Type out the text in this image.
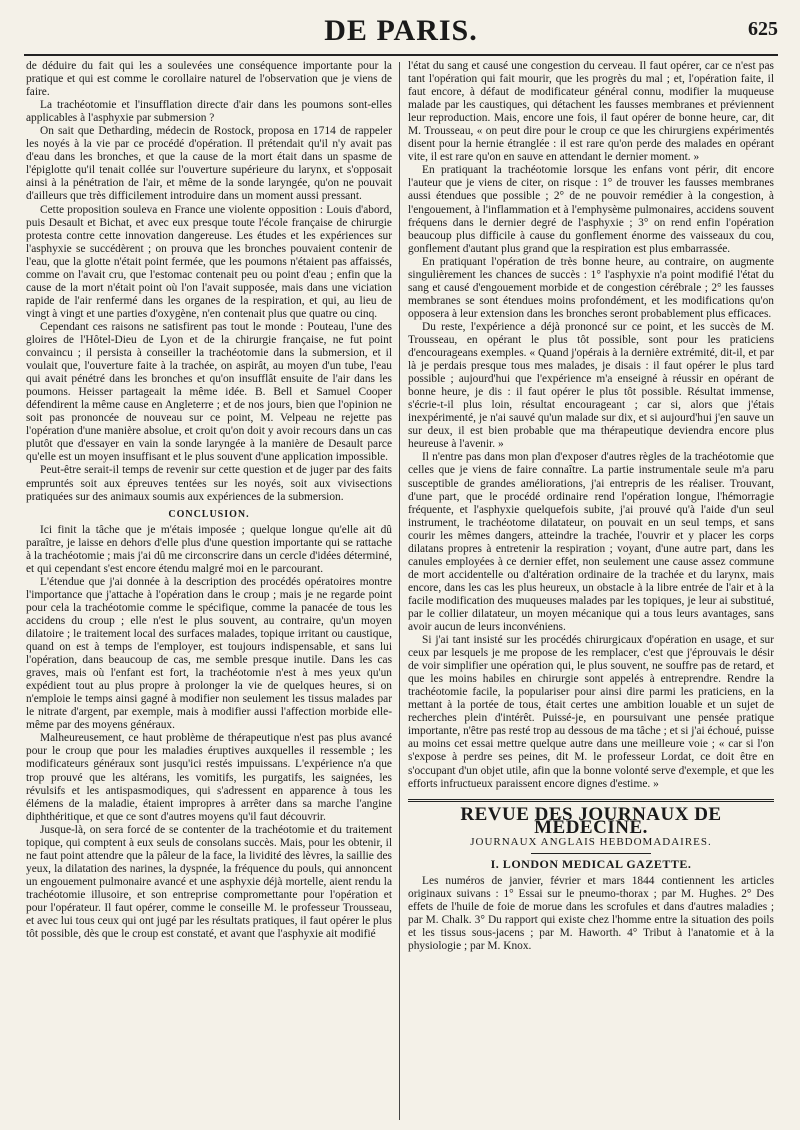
DE PARIS.	625

de déduire du fait qui les a soulevées une conséquence importante pour la pratique et qui est comme le corollaire naturel de l'observation que je viens de faire.

La trachéotomie et l'insufflation directe d'air dans les poumons sont-elles applicables à l'asphyxie par submersion ?

On sait que Detharding, médecin de Rostock, proposa en 1714 de rappeler les noyés à la vie par ce procédé d'opération. Il prétendait qu'il n'y avait pas d'eau dans les bronches, et que la cause de la mort était dans un spasme de l'épiglotte qu'il tenait collée sur l'ouverture supérieure du larynx, et s'opposait ainsi à la pénétration de l'air, et même de la sonde laryngée, qu'on ne pouvait d'ailleurs que très difficilement introduire dans un moment aussi pressant.

Cette proposition souleva en France une violente opposition : Louis d'abord, puis Desault et Bichat, et avec eux presque toute l'école française de chirurgie protesta contre cette innovation dangereuse. Les études et les expériences sur l'asphyxie se succédèrent ; on prouva que les bronches pouvaient contenir de l'eau, que la glotte n'était point fermée, que les poumons n'étaient pas affaissés, comme on l'avait cru, que l'estomac contenait peu ou point d'eau ; enfin que la cause de la mort n'était point où l'on l'avait supposée, mais dans une viciation rapide de l'air renfermé dans les organes de la respiration, et qui, au lieu de vingt à vingt et une parties d'oxygène, n'en contenait plus que quatre ou cinq.

Cependant ces raisons ne satisfirent pas tout le monde : Pouteau, l'une des gloires de l'Hôtel-Dieu de Lyon et de la chirurgie française, ne fut point convaincu ; il persista à conseiller la trachéotomie dans la submersion, et il voulait que, l'ouverture faite à la trachée, on aspirât, au moyen d'un tube, l'eau qui avait pénétré dans les bronches et qu'on insufflât ensuite de l'air dans les poumons. Heisser partageait la même idée. B. Bell et Samuel Cooper défendirent la même cause en Angleterre ; et de nos jours, bien que l'opinion ne soit pas prononcée de nouveau sur ce point, M. Velpeau ne rejette pas l'opération d'une manière absolue, et croit qu'on doit y avoir recours dans un cas plutôt que d'essayer en vain la sonde laryngée à la manière de Desault parce qu'elle est un moyen insuffisant et le plus souvent d'une application impossible.

Peut-être serait-il temps de revenir sur cette question et de juger par des faits empruntés soit aux épreuves tentées sur les noyés, soit aux vivisections pratiquées sur des animaux soumis aux expériences de la submersion.

CONCLUSION.

Ici finit la tâche que je m'étais imposée ; quelque longue qu'elle ait dû paraître, je laisse en dehors d'elle plus d'une question importante qui se rattache à la trachéotomie ; mais j'ai dû me circonscrire dans un cercle d'idées déterminé, et qui cependant s'est encore étendu malgré moi en le parcourant.

L'étendue que j'ai donnée à la description des procédés opératoires montre l'importance que j'attache à l'opération dans le croup ; mais je ne regarde point pour cela la trachéotomie comme le spécifique, comme la panacée de tous les accidens du croup ; elle n'est le plus souvent, au contraire, qu'un moyen dilatoire ; le traitement local des surfaces malades, topique irritant ou caustique, quand on est à temps de l'employer, est toujours indispensable, et sans lui l'opération, dans beaucoup de cas, me semble presque inutile. Dans les cas graves, mais où l'enfant est fort, la trachéotomie n'est à mes yeux qu'un expédient tout au plus propre à prolonger la vie de quelques heures, si on n'emploie le temps ainsi gagné à modifier non seulement les tissus malades par le nitrate d'argent, par exemple, mais à modifier aussi l'affection morbide elle-même par des moyens généraux.

Malheureusement, ce haut problème de thérapeutique n'est pas plus avancé pour le croup que pour les maladies éruptives auxquelles il ressemble ; les modificateurs généraux sont jusqu'ici restés impuissans. L'expérience n'a que trop prouvé que les altérans, les vomitifs, les purgatifs, les saignées, les révulsifs et les antispasmodiques, qui s'adressent en apparence à tous les élémens de la maladie, étaient impropres à arrêter dans sa marche l'angine diphthéritique, et que ce sont d'autres moyens qu'il faut découvrir.

Jusque-là, on sera forcé de se contenter de la trachéotomie et du traitement topique, qui comptent à eux seuls de consolans succès. Mais, pour les obtenir, il ne faut point attendre que la pâleur de la face, la lividité des lèvres, la saillie des yeux, la dilatation des narines, la dyspnée, la fréquence du pouls, qui annoncent un engouement pulmonaire avancé et une asphyxie déjà mortelle, aient rendu la trachéotomie illusoire, et son entreprise compromettante pour l'opération et pour l'opérateur. Il faut opérer, comme le conseille M. le professeur Trousseau, et avec lui tous ceux qui ont jugé par les résultats pratiques, il faut opérer le plus tôt possible, dès que le croup est constaté, et avant que l'asphyxie ait modifié

l'état du sang et causé une congestion du cerveau. Il faut opérer, car ce n'est pas tant l'opération qui fait mourir, que les progrès du mal ; et, l'opération faite, il faut encore, à défaut de modificateur général connu, modifier la muqueuse malade par les caustiques, qui détachent les fausses membranes et préviennent leur reproduction. Mais, encore une fois, il faut opérer de bonne heure, car, dit M. Trousseau, « on peut dire pour le croup ce que les chirurgiens expérimentés disent pour la hernie étranglée : il est rare qu'on perde des malades en opérant vite, il est rare qu'on en sauve en attendant le dernier moment. »

En pratiquant la trachéotomie lorsque les enfans vont périr, dit encore l'auteur que je viens de citer, on risque : 1° de trouver les fausses membranes aussi étendues que possible ; 2° de ne pouvoir remédier à la congestion, à l'engouement, à l'inflammation et à l'emphysème pulmonaires, accidens souvent fréquens dans le dernier degré de l'asphyxie ; 3° on rend enfin l'opération beaucoup plus difficile à cause du gonflement énorme des vaisseaux du cou, gonflement d'autant plus grand que la respiration est plus embarrassée.

En pratiquant l'opération de très bonne heure, au contraire, on augmente singulièrement les chances de succès : 1° l'asphyxie n'a point modifié l'état du sang et causé d'engouement morbide et de congestion cérébrale ; 2° les fausses membranes se sont étendues moins profondément, et les modifications qu'on opposera à leur extension dans les bronches seront probablement plus efficaces.

Du reste, l'expérience a déjà prononcé sur ce point, et les succès de M. Trousseau, en opérant le plus tôt possible, sont pour les praticiens d'encourageans exemples. « Quand j'opérais à la dernière extrémité, dit-il, et par là je perdais presque tous mes malades, je disais : il faut opérer le plus tard possible ; aujourd'hui que l'expérience m'a enseigné à réussir en opérant de bonne heure, je dis : il faut opérer le plus tôt possible. Résultat immense, s'écrie-t-il plus loin, résultat encourageant ; car si, alors que j'étais inexpérimenté, je n'ai sauvé qu'un malade sur dix, et si aujourd'hui j'en sauve un sur deux, il est bien probable que ma thérapeutique deviendra encore plus heureuse à l'avenir. »

Il n'entre pas dans mon plan d'exposer d'autres règles de la trachéotomie que celles que je viens de faire connaître. La partie instrumentale seule m'a paru susceptible de grandes améliorations, j'ai entrepris de les réaliser. Trouvant, d'une part, que le procédé ordinaire rend l'opération longue, l'hémorragie fréquente, et l'asphyxie quelquefois subite, j'ai prouvé qu'à l'aide d'un seul instrument, le trachéotome dilatateur, on pouvait en un seul temps, et sans courir les mêmes dangers, atteindre la trachée, l'ouvrir et y placer les corps dilatans propres à entretenir la respiration ; voyant, d'une autre part, dans les canules employées à ce dernier effet, non seulement une cause assez commune de mort accidentelle ou d'altération ordinaire de la trachée et du larynx, mais encore, dans les cas les plus heureux, un obstacle à la libre entrée de l'air et à la facile modification des muqueuses malades par les topiques, je leur ai substitué, par le collier dilatateur, un moyen mécanique qui a tous leurs avantages, sans avoir aucun de leurs inconvéniens.

Si j'ai tant insisté sur les procédés chirurgicaux d'opération en usage, et sur ceux par lesquels je me propose de les remplacer, c'est que j'éprouvais le désir de voir simplifier une opération qui, le plus souvent, ne souffre pas de retard, et que les moins habiles en chirurgie sont appelés à entreprendre. Rendre la trachéotomie facile, la populariser pour ainsi dire parmi les praticiens, en la mettant à la portée de tous, était certes une ambition louable et un sujet de recherches plein d'intérêt. Puissé-je, en poursuivant une pensée pratique importante, n'être pas resté trop au dessous de ma tâche ; et si j'ai échoué, puisse au moins cet essai mettre quelque autre dans une meilleure voie ; « car si l'on s'expose à perdre ses peines, dit M. le professeur Lordat, ce doit être en s'occupant d'un objet utile, afin que la bonne volonté serve d'exemple, et que les efforts infructueux paraissent encore dignes d'estime. »

REVUE DES JOURNAUX DE MÉDECINE.
JOURNAUX ANGLAIS HEBDOMADAIRES.
I. LONDON MEDICAL GAZETTE.

Les numéros de janvier, février et mars 1844 contiennent les articles originaux suivans : 1° Essai sur le pneumo-thorax ; par M. Hughes. 2° Des effets de l'huile de foie de morue dans les scrofules et dans d'autres maladies ; par M. Chalk. 3° Du rapport qui existe chez l'homme entre la situation des poils et les tissus sous-jacens ; par M. Haworth. 4° Tribut à l'anatomie et à la physiologie ; par M. Knox.
